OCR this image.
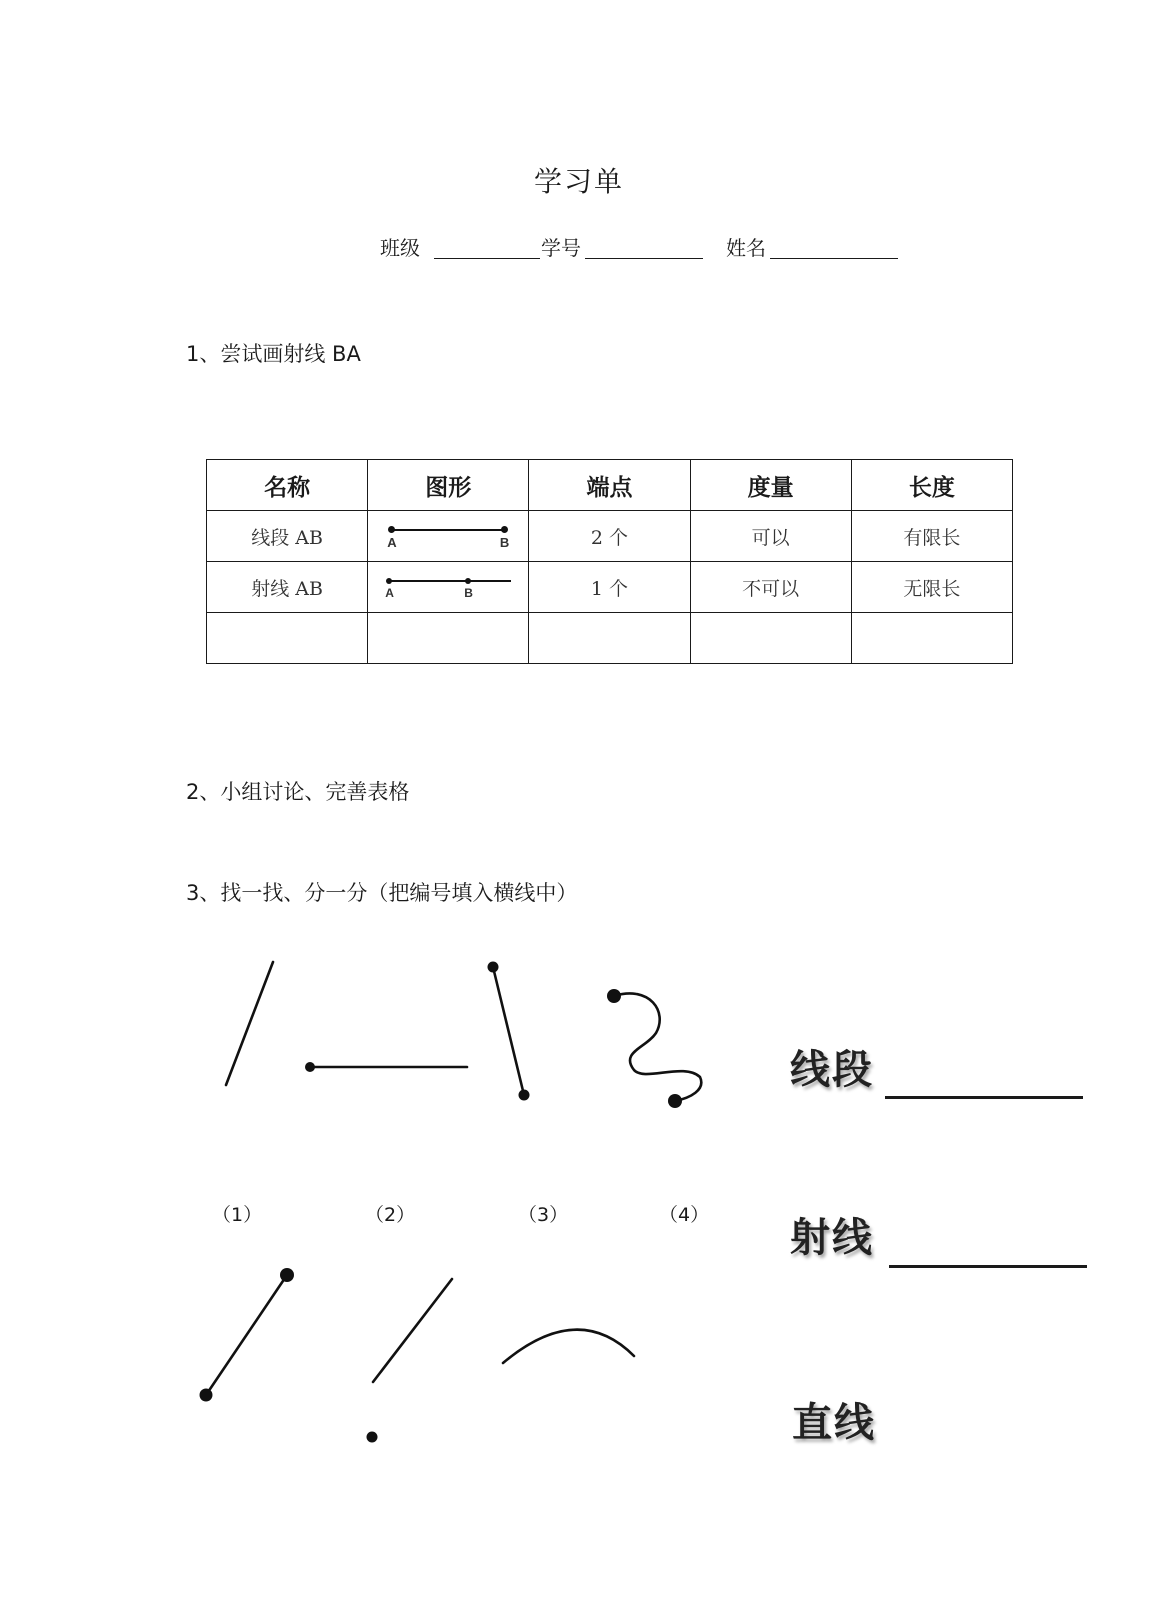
学习单
班级	学号	姓名
1、尝试画射线 BA
名称	图形	端点	度量	长度
线段 AB	A B	2 个	可以	有限长
射线 AB	A B	1 个	不可以	无限长

2、小组讨论、完善表格
3、找一找、分一分（把编号填入横线中）
（1）	（2）	（3）	（4）
线段
射线
直线
